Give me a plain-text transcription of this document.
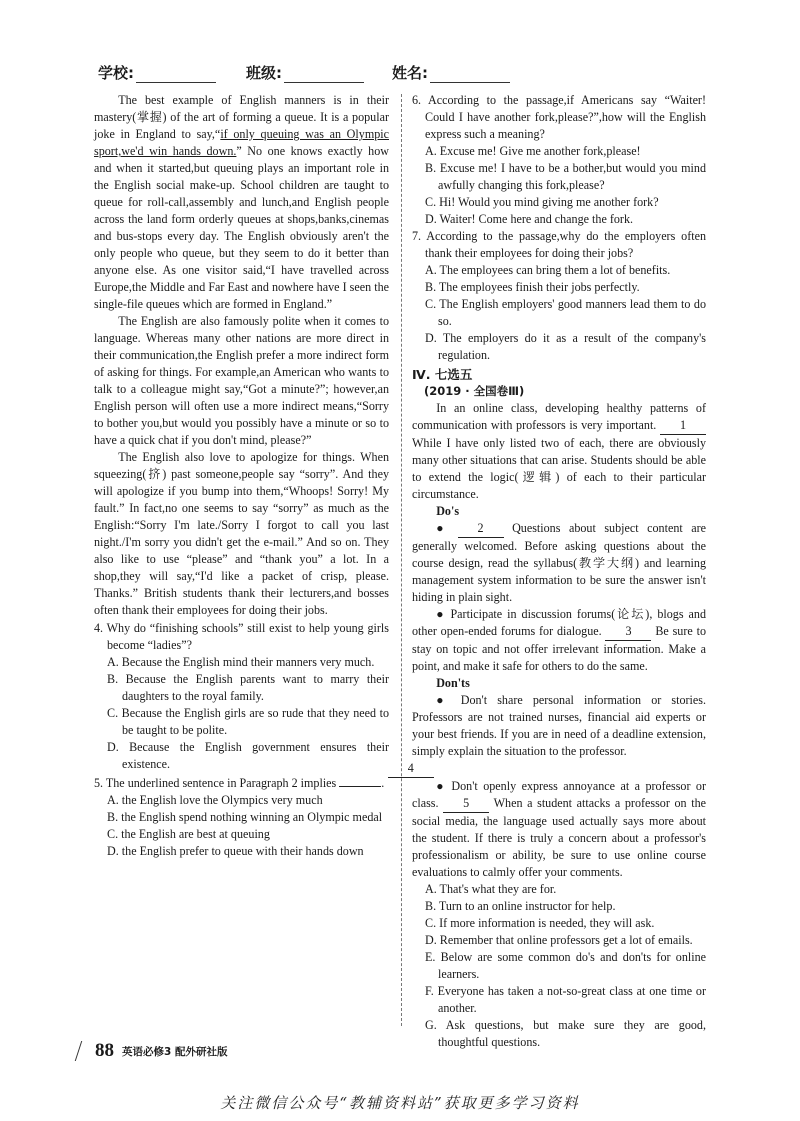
学校:	班级:	姓名:

The best example of English manners is in their mastery(掌握) of the art of forming a queue. It is a popular joke in England to say,“if only queuing was an Olympic sport,we'd win hands down.” No one knows exactly how and when it started,but queuing plays an important role in the English social make-up. School children are taught to queue for roll-call,assembly and lunch,and English people across the land form orderly queues at shops,banks,cinemas and bus-stops every day. The English obviously aren't the only people who queue, but they seem to do it better than anyone else. As one visitor said,“I have travelled across Europe,the Middle and Far East and nowhere have I seen the single-file queues which are formed in England.”

The English are also famously polite when it comes to language. Whereas many other nations are more direct in their communication,the English prefer a more indirect form of asking for things. For example,an American who wants to talk to a colleague might say,“Got a minute?”; however,an English person will often use a more indirect means,“Sorry to bother you,but would you possibly have a minute or so to have a quick chat if you don't mind, please?”

The English also love to apologize for things. When squeezing(挤) past someone,people say “sorry”. And they will apologize if you bump into them,“Whoops! Sorry! My fault.” In fact,no one seems to say “sorry” as much as the English:“Sorry I'm late./Sorry I forgot to call you last night./I'm sorry you didn't get the e-mail.” And so on. They also like to use “please” and “thank you” a lot. In a shop,they will say,“I'd like a packet of crisp, please. Thanks.” British students thank their lecturers,and bosses often thank their employees for doing their jobs.

4. Why do “finishing schools” still exist to help young girls become “ladies”?

A. Because the English mind their manners very much.

B. Because the English parents want to marry their daughters to the royal family.

C. Because the English girls are so rude that they need to be taught to be polite.

D. Because the English government ensures their existence.

5. The underlined sentence in Paragraph 2 implies	.

A. the English love the Olympics very much

B. the English spend nothing winning an Olympic medal

C. the English are best at queuing

D. the English prefer to queue with their hands down

6. According to the passage,if Americans say “Waiter! Could I have another fork,please?”,how will the English express such a meaning?

A. Excuse me! Give me another fork,please!

B. Excuse me! I have to be a bother,but would you mind awfully changing this fork,please?

C. Hi! Would you mind giving me another fork?

D. Waiter! Come here and change the fork.

7. According to the passage,why do the employers often thank their employees for doing their jobs?

A. The employees can bring them a lot of benefits.

B. The employees finish their jobs perfectly.

C. The English employers' good manners lead them to do so.

D. The employers do it as a result of the company's regulation.

Ⅳ. 七选五

(2019 · 全国卷Ⅲ)

In an online class, developing healthy patterns of communication with professors is very important. 1 While I have only listed two of each, there are obviously many other situations that can arise. Students should be able to extend the logic(逻辑) of each to their particular circumstance.

Do's

● 2 Questions about subject content are generally welcomed. Before asking questions about the course design, read the syllabus(教学大纲) and learning management system information to be sure the answer isn't hiding in plain sight.

● Participate in discussion forums(论坛), blogs and other open-ended forums for dialogue. 3 Be sure to stay on topic and not offer irrelevant information. Make a point, and make it safe for others to do the same.

Don'ts

● Don't share personal information or stories. Professors are not trained nurses, financial aid experts or your best friends. If you are in need of a deadline extension, simply explain the situation to the professor.
4

● Don't openly express annoyance at a professor or class. 5 When a student attacks a professor on the social media, the language used actually says more about the student. If there is truly a concern about a professor's professionalism or ability, be sure to use online course evaluations to calmly offer your comments.

A. That's what they are for.

B. Turn to an online instructor for help.

C. If more information is needed, they will ask.

D. Remember that online professors get a lot of emails.

E. Below are some common do's and don'ts for online learners.

F. Everyone has taken a not-so-great class at one time or another.

G. Ask questions, but make sure they are good, thoughtful questions.

88 英语必修3 配外研社版
关注微信公众号“教辅资料站”获取更多学习资料
